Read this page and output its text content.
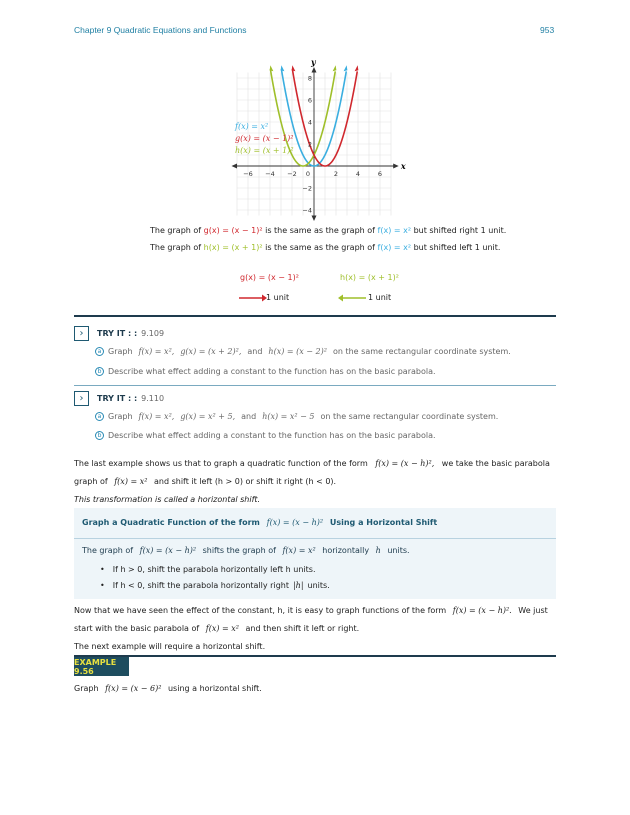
Chapter 9 Quadratic Equations and Functions	953
x
y
−6 −4 −2 0	2	4	6
8
6
4
2
−2
−4
f(x) = x²
g(x) = (x − 1)²
h(x) = (x + 1)²
The graph of g(x) = (x − 1)² is the same as the graph of f(x) = x² but shifted right 1 unit.
The graph of h(x) = (x + 1)² is the same as the graph of f(x) = x² but shifted left 1 unit.
g(x) = (x − 1)²	h(x) = (x + 1)²
1 unit	1 unit
›	TRY IT : : 9.109
a Graph f(x) = x², g(x) = (x + 2)², and h(x) = (x − 2)² on the same rectangular coordinate system.
b Describe what effect adding a constant to the function has on the basic parabola.
›	TRY IT : : 9.110
a Graph f(x) = x², g(x) = x² + 5, and h(x) = x² − 5 on the same rectangular coordinate system.
b Describe what effect adding a constant to the function has on the basic parabola.
The last example shows us that to graph a quadratic function of the form f(x) = (x − h)², we take the basic parabola
graph of f(x) = x² and shift it left (h > 0) or shift it right (h < 0).
This transformation is called a horizontal shift.
Graph a Quadratic Function of the form f(x) = (x − h)² Using a Horizontal Shift
The graph of f(x) = (x − h)² shifts the graph of f(x) = x² horizontally h units.
• If h > 0, shift the parabola horizontally left h units.
• If h < 0, shift the parabola horizontally right |h| units.
Now that we have seen the effect of the constant, h, it is easy to graph functions of the form f(x) = (x − h)². We just
start with the basic parabola of f(x) = x² and then shift it left or right.
The next example will require a horizontal shift.
EXAMPLE 9.56
Graph f(x) = (x − 6)² using a horizontal shift.
